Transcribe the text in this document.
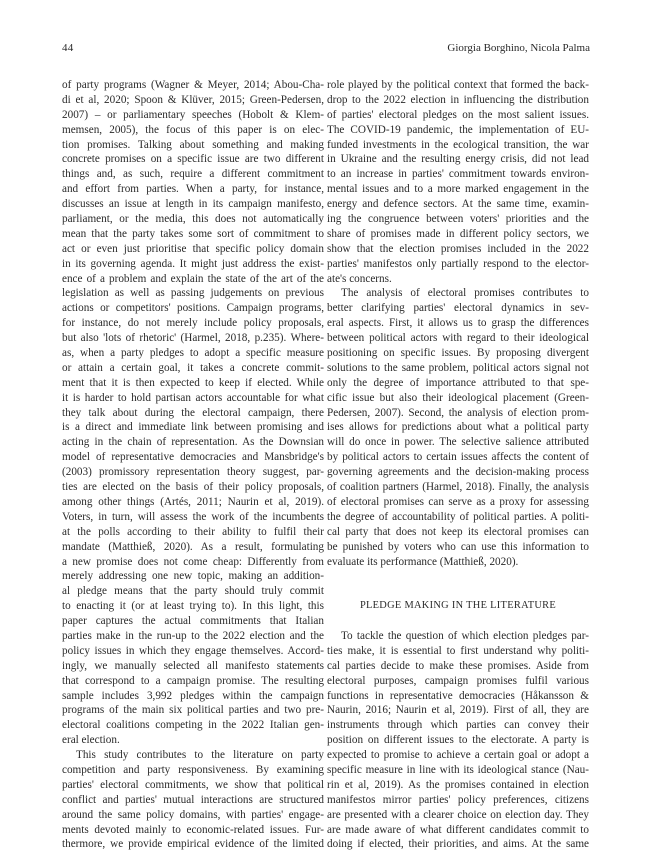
44	Giorgia Borghino, Nicola Palma
of party programs (Wagner & Meyer, 2014; Abou-Cha-
di et al, 2020; Spoon & Klüver, 2015; Green-Pedersen,
2007) – or parliamentary speeches (Hobolt & Klem-
memsen, 2005), the focus of this paper is on elec-
tion promises. Talking about something and making
concrete promises on a specific issue are two different
things and, as such, require a different commitment
and effort from parties. When a party, for instance,
discusses an issue at length in its campaign manifesto,
parliament, or the media, this does not automatically
mean that the party takes some sort of commitment to
act or even just prioritise that specific policy domain
in its governing agenda. It might just address the exist-
ence of a problem and explain the state of the art of the
legislation as well as passing judgements on previous
actions or competitors' positions. Campaign programs,
for instance, do not merely include policy proposals,
but also 'lots of rhetoric' (Harmel, 2018, p.235). Where-
as, when a party pledges to adopt a specific measure
or attain a certain goal, it takes a concrete commit-
ment that it is then expected to keep if elected. While
it is harder to hold partisan actors accountable for what
they talk about during the electoral campaign, there
is a direct and immediate link between promising and
acting in the chain of representation. As the Downsian
model of representative democracies and Mansbridge's
(2003) promissory representation theory suggest, par-
ties are elected on the basis of their policy proposals,
among other things (Artés, 2011; Naurin et al, 2019).
Voters, in turn, will assess the work of the incumbents
at the polls according to their ability to fulfil their
mandate (Matthieß, 2020). As a result, formulating
a new promise does not come cheap: Differently from
merely addressing one new topic, making an addition-
al pledge means that the party should truly commit
to enacting it (or at least trying to). In this light, this
paper captures the actual commitments that Italian
parties make in the run-up to the 2022 election and the
policy issues in which they engage themselves. Accord-
ingly, we manually selected all manifesto statements
that correspond to a campaign promise. The resulting
sample includes 3,992 pledges within the campaign
programs of the main six political parties and two pre-
electoral coalitions competing in the 2022 Italian gen-
eral election.
This study contributes to the literature on party
competition and party responsiveness. By examining
parties' electoral commitments, we show that political
conflict and parties' mutual interactions are structured
around the same policy domains, with parties' engage-
ments devoted mainly to economic-related issues. Fur-
thermore, we provide empirical evidence of the limited
role played by the political context that formed the back-
drop to the 2022 election in influencing the distribution
of parties' electoral pledges on the most salient issues.
The COVID-19 pandemic, the implementation of EU-
funded investments in the ecological transition, the war
in Ukraine and the resulting energy crisis, did not lead
to an increase in parties' commitment towards environ-
mental issues and to a more marked engagement in the
energy and defence sectors. At the same time, examin-
ing the congruence between voters' priorities and the
share of promises made in different policy sectors, we
show that the election promises included in the 2022
parties' manifestos only partially respond to the elector-
ate's concerns.
The analysis of electoral promises contributes to
better clarifying parties' electoral dynamics in sev-
eral aspects. First, it allows us to grasp the differences
between political actors with regard to their ideological
positioning on specific issues. By proposing divergent
solutions to the same problem, political actors signal not
only the degree of importance attributed to that spe-
cific issue but also their ideological placement (Green-
Pedersen, 2007). Second, the analysis of election prom-
ises allows for predictions about what a political party
will do once in power. The selective salience attributed
by political actors to certain issues affects the content of
governing agreements and the decision-making process
of coalition partners (Harmel, 2018). Finally, the analysis
of electoral promises can serve as a proxy for assessing
the degree of accountability of political parties. A politi-
cal party that does not keep its electoral promises can
be punished by voters who can use this information to
evaluate its performance (Matthieß, 2020).
PLEDGE MAKING IN THE LITERATURE
To tackle the question of which election pledges par-
ties make, it is essential to first understand why politi-
cal parties decide to make these promises. Aside from
electoral purposes, campaign promises fulfil various
functions in representative democracies (Håkansson &
Naurin, 2016; Naurin et al, 2019). First of all, they are
instruments through which parties can convey their
position on different issues to the electorate. A party is
expected to promise to achieve a certain goal or adopt a
specific measure in line with its ideological stance (Nau-
rin et al, 2019). As the promises contained in election
manifestos mirror parties' policy preferences, citizens
are presented with a clearer choice on election day. They
are made aware of what different candidates commit to
doing if elected, their priorities, and aims. At the same
